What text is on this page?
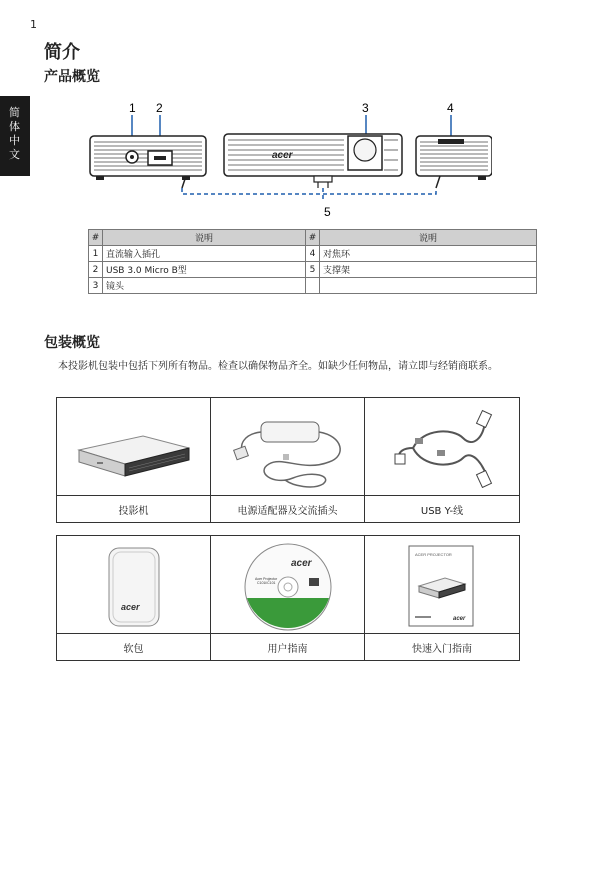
1
简体中文
简介
产品概览
1 2	3	4
5
acer
#	说明	#	说明
1	直流输入插孔	4	对焦环
2	USB 3.0 Micro B型	5	支撑架
3	镜头		
包装概览
本投影机包装中包括下列所有物品。检查以确保物品齐全。如缺少任何物品，请立即与经销商联系。
投影机	电源适配器及交流插头	USB Y-线
acer
软包
acer
Acer Projector
C101i/C101
用户指南
ACER PROJECTOR
acer
快速入门指南
